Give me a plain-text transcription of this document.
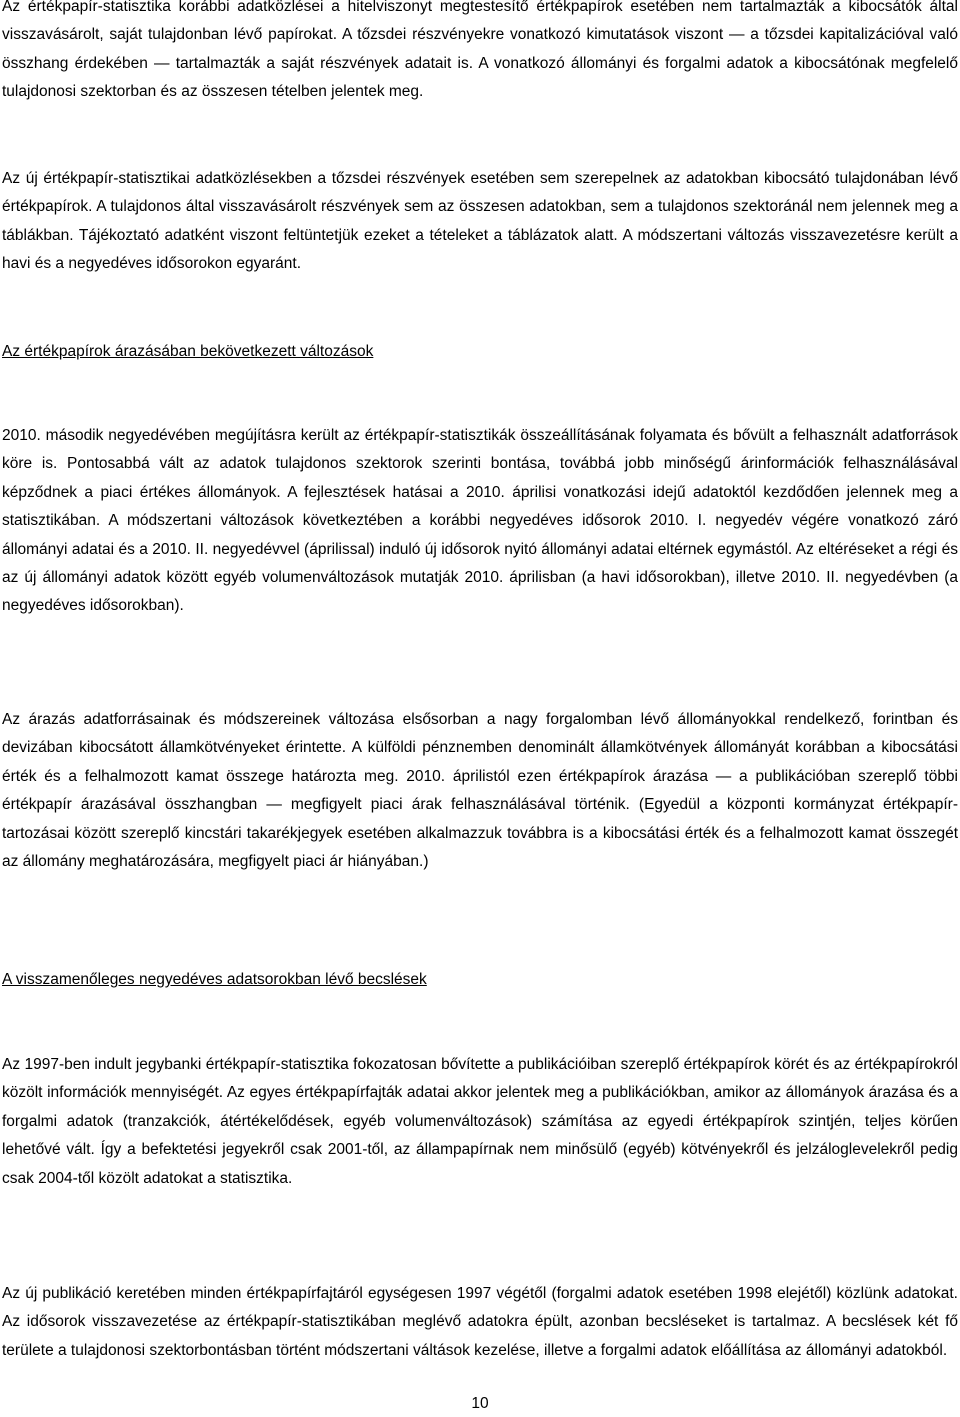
Az értékpapír-statisztika korábbi adatközlései a hitelviszonyt megtestesítő értékpapírok esetében nem tartalmazták a kibocsátók által visszavásárolt, saját tulajdonban lévő papírokat. A tőzsdei részvényekre vonatkozó kimutatások viszont — a tőzsdei kapitalizációval való összhang érdekében — tartalmazták a saját részvények adatait is. A vonatkozó állományi és forgalmi adatok a kibocsátónak megfelelő tulajdonosi szektorban és az összesen tételben jelentek meg.

Az új értékpapír-statisztikai adatközlésekben a tőzsdei részvények esetében sem szerepelnek az adatokban kibocsátó tulajdonában lévő értékpapírok. A tulajdonos által visszavásárolt részvények sem az összesen adatokban, sem a tulajdonos szektoránál nem jelennek meg a táblákban. Tájékoztató adatként viszont feltüntetjük ezeket a tételeket a táblázatok alatt. A módszertani változás visszavezetésre került a havi és a negyedéves idősorokon egyaránt.

Az értékpapírok árazásában bekövetkezett változások

2010. második negyedévében megújításra került az értékpapír-statisztikák összeállításának folyamata és bővült a felhasznált adatforrások köre is. Pontosabbá vált az adatok tulajdonos szektorok szerinti bontása, továbbá jobb minőségű árinformációk felhasználásával képződnek a piaci értékes állományok. A fejlesztések hatásai a 2010. áprilisi vonatkozási idejű adatoktól kezdődően jelennek meg a statisztikában. A módszertani változások következtében a korábbi negyedéves idősorok 2010. I. negyedév végére vonatkozó záró állományi adatai és a 2010. II. negyedévvel (áprilissal) induló új idősorok nyitó állományi adatai eltérnek egymástól. Az eltéréseket a régi és az új állományi adatok között egyéb volumenváltozások mutatják 2010. áprilisban (a havi idősorokban), illetve 2010. II. negyedévben (a negyedéves idősorokban).

Az árazás adatforrásainak és módszereinek változása elsősorban a nagy forgalomban lévő állományokkal rendelkező, forintban és devizában kibocsátott államkötvényeket érintette. A külföldi pénznemben denominált államkötvények állományát korábban a kibocsátási érték és a felhalmozott kamat összege határozta meg. 2010. áprilistól ezen értékpapírok árazása — a publikációban szereplő többi értékpapír árazásával összhangban — megfigyelt piaci árak felhasználásával történik. (Egyedül a központi kormányzat értékpapír-tartozásai között szereplő kincstári takarékjegyek esetében alkalmazzuk továbbra is a kibocsátási érték és a felhalmozott kamat összegét az állomány meghatározására, megfigyelt piaci ár hiányában.)

A visszamenőleges negyedéves adatsorokban lévő becslések

Az 1997-ben indult jegybanki értékpapír-statisztika fokozatosan bővítette a publikációiban szereplő értékpapírok körét és az értékpapírokról közölt információk mennyiségét. Az egyes értékpapírfajták adatai akkor jelentek meg a publikációkban, amikor az állományok árazása és a forgalmi adatok (tranzakciók, átértékelődések, egyéb volumenváltozások) számítása az egyedi értékpapírok szintjén, teljes körűen lehetővé vált. Így a befektetési jegyekről csak 2001-től, az állampapírnak nem minősülő (egyéb) kötvényekről és jelzáloglevelekről pedig csak 2004-től közölt adatokat a statisztika.

Az új publikáció keretében minden értékpapírfajtáról egységesen 1997 végétől (forgalmi adatok esetében 1998 elejétől) közlünk adatokat. Az idősorok visszavezetése az értékpapír-statisztikában meglévő adatokra épült, azonban becsléseket is tartalmaz. A becslések két fő területe a tulajdonosi szektorbontásban történt módszertani váltások kezelése, illetve a forgalmi adatok előállítása az állományi adatokból.

10
